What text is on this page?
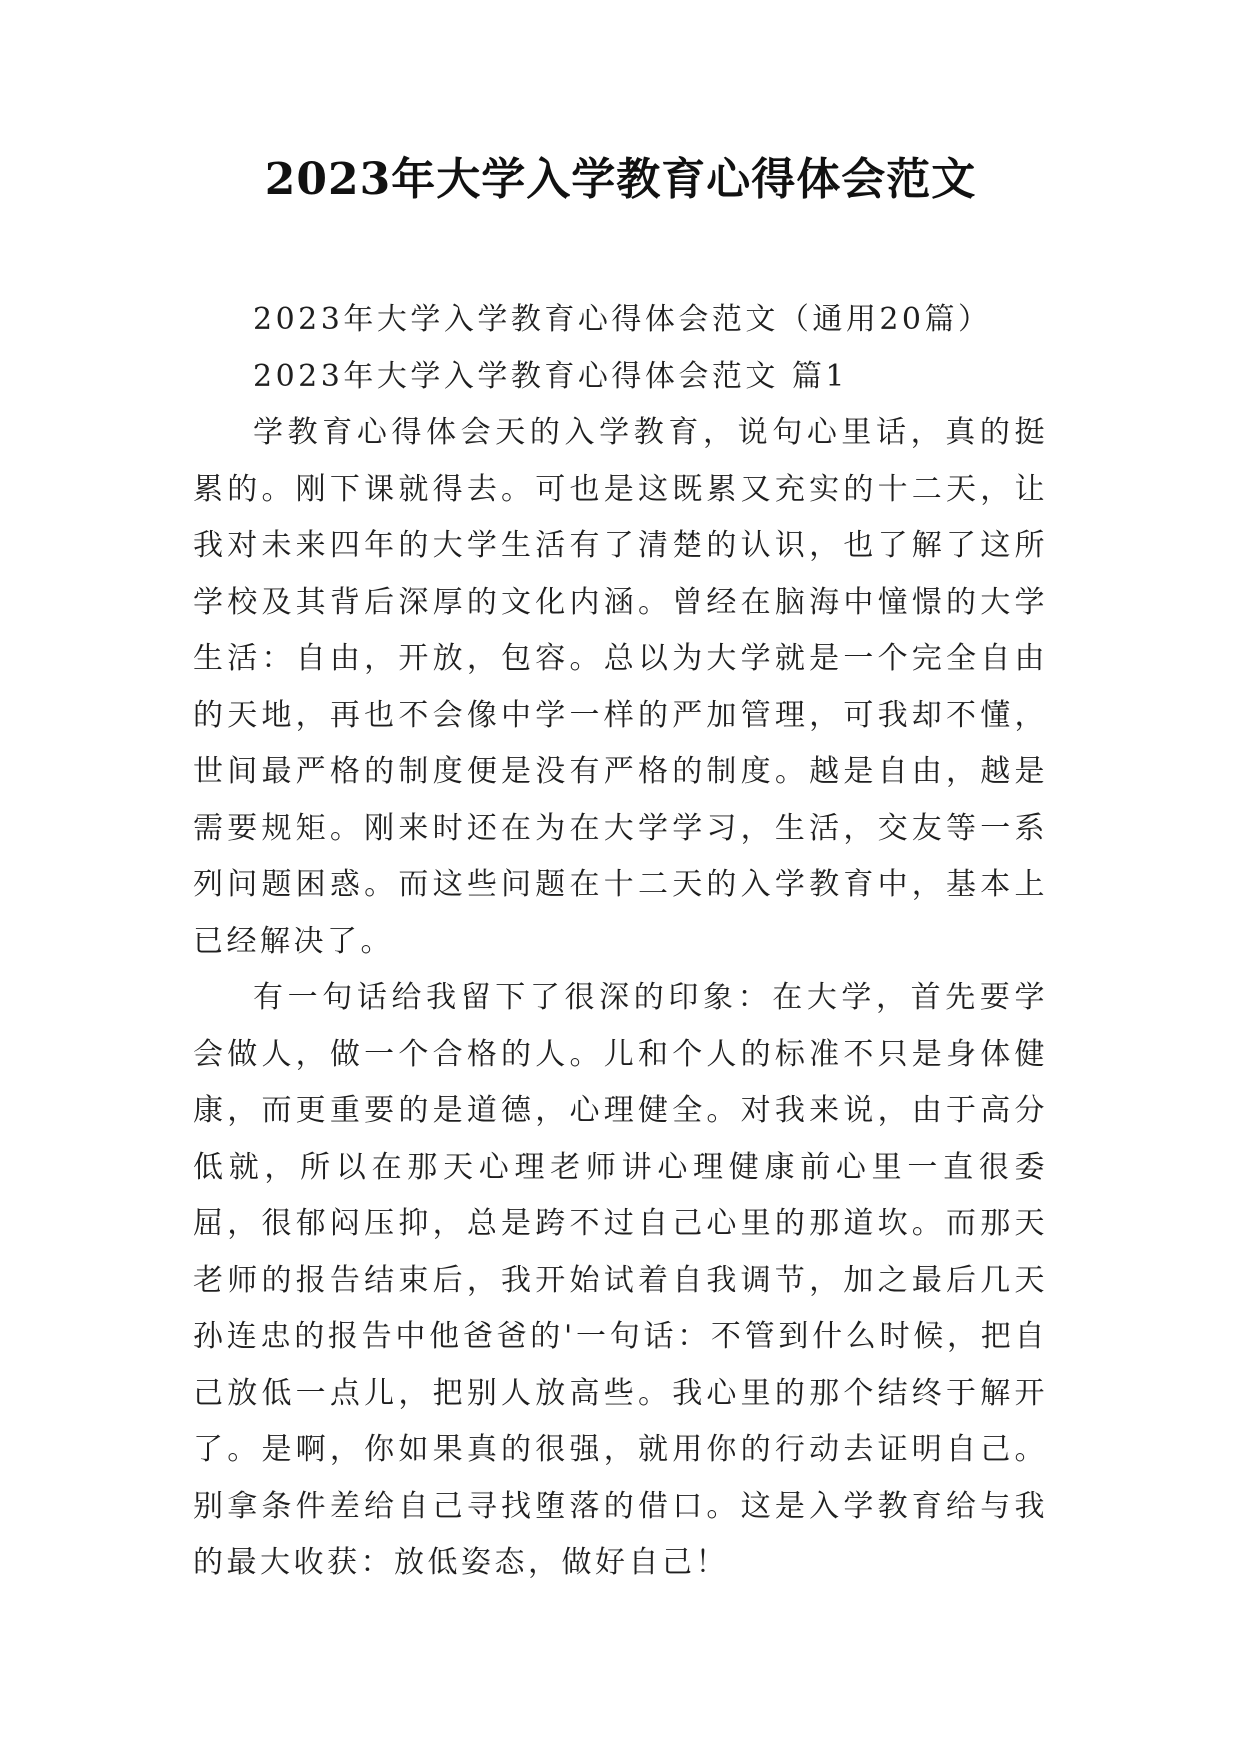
2023年大学入学教育心得体会范文

2023年大学入学教育心得体会范文（通用20篇）

2023年大学入学教育心得体会范文 篇1

学教育心得体会天的入学教育，说句心里话，真的挺累的。刚下课就得去。可也是这既累又充实的十二天，让我对未来四年的大学生活有了清楚的认识，也了解了这所学校及其背后深厚的文化内涵。曾经在脑海中憧憬的大学生活：自由，开放，包容。总以为大学就是一个完全自由的天地，再也不会像中学一样的严加管理，可我却不懂，世间最严格的制度便是没有严格的制度。越是自由，越是需要规矩。刚来时还在为在大学学习，生活，交友等一系列问题困惑。而这些问题在十二天的入学教育中，基本上已经解决了。

有一句话给我留下了很深的印象：在大学，首先要学会做人，做一个合格的人。儿和个人的标准不只是身体健康，而更重要的是道德，心理健全。对我来说，由于高分低就，所以在那天心理老师讲心理健康前心里一直很委屈，很郁闷压抑，总是跨不过自己心里的那道坎。而那天老师的报告结束后，我开始试着自我调节，加之最后几天孙连忠的报告中他爸爸的'一句话：不管到什么时候，把自己放低一点儿，把别人放高些。我心里的那个结终于解开了。是啊，你如果真的很强，就用你的行动去证明自己。别拿条件差给自己寻找堕落的借口。这是入学教育给与我的最大收获：放低姿态，做好自己！
